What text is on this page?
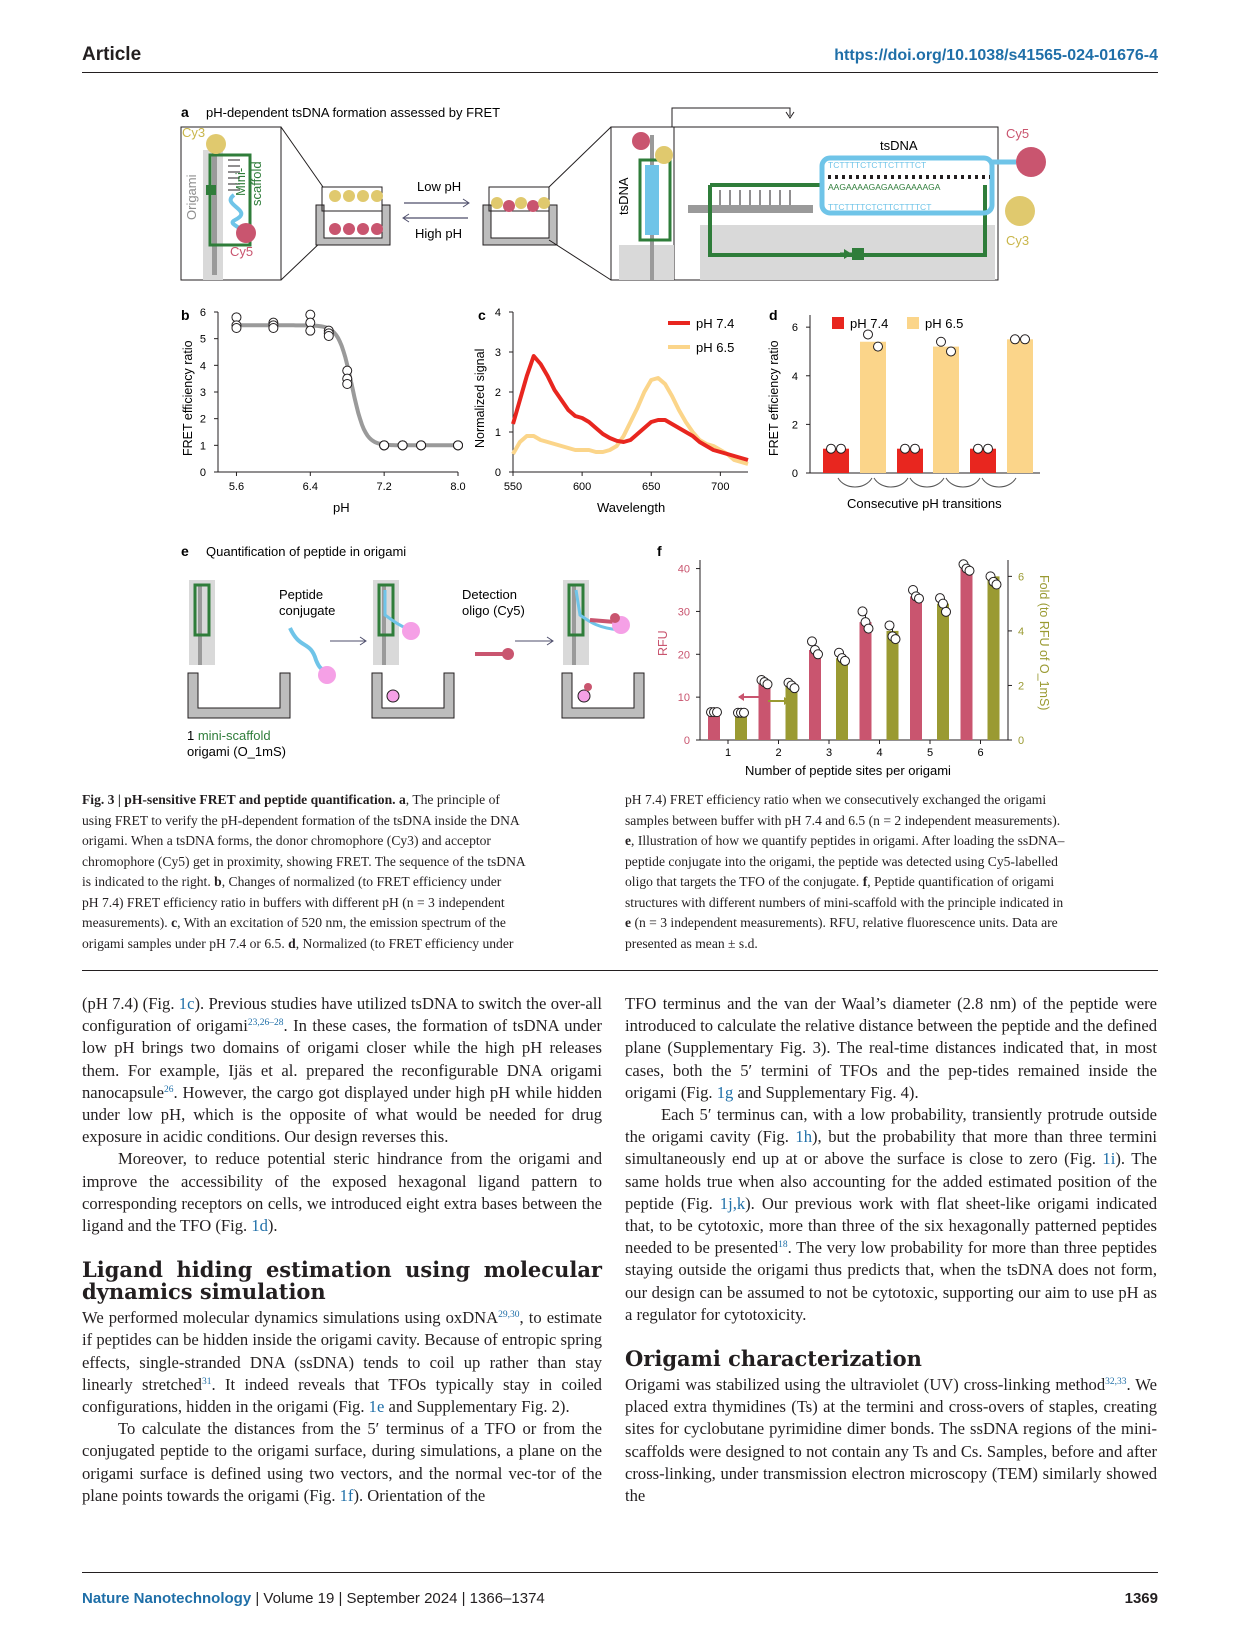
Article	https://doi.org/10.1038/s41565-024-01676-4
a pH-dependent tsDNA formation assessed by FRET
Cy3
Cy5
Origami	Mini- scaffold	Low pH
High pH
tsDNA
tsDNA
TCTTTTCTCTTCTTTTCT
AAGAAAAGAGAAGAAAAGA
TTCTTTTCTCTTCTTTTCT
Cy5
Cy3
b
FRET efficiency ratio
pH
0
1
2
3
4
5
6
5.6	6.4	7.2	8.0
c
Normalized signal
Wavelength
0
1
2
3
4
550	600	650	700
pH 7.4
pH 6.5
d
FRET efficiency ratio
Consecutive pH transitions
0
2
4
6	pH 7.4	pH 6.5
e Quantification of peptide in origami
Peptide
conjugate
Detection
oligo (Cy5)
1 mini-scaffold
origami (O_1mS)
f
RFU	Fold (to RFU of O_1mS)
Number of peptide sites per origami
0
10
20
30
40
0
2
4
6
1	2	3	4	5	6
Fig. 3 | pH-sensitive FRET and peptide quantification. a, The principle of
using FRET to verify the pH-dependent formation of the tsDNA inside the DNA
origami. When a tsDNA forms, the donor chromophore (Cy3) and acceptor
chromophore (Cy5) get in proximity, showing FRET. The sequence of the tsDNA
is indicated to the right. b, Changes of normalized (to FRET efficiency under
pH 7.4) FRET efficiency ratio in buffers with different pH (n = 3 independent
measurements). c, With an excitation of 520 nm, the emission spectrum of the
origami samples under pH 7.4 or 6.5. d, Normalized (to FRET efficiency under
pH 7.4) FRET efficiency ratio when we consecutively exchanged the origami
samples between buffer with pH 7.4 and 6.5 (n = 2 independent measurements).
e, Illustration of how we quantify peptides in origami. After loading the ssDNA–
peptide conjugate into the origami, the peptide was detected using Cy5-labelled
oligo that targets the TFO of the conjugate. f, Peptide quantification of origami
structures with different numbers of mini-scaffold with the principle indicated in
e (n = 3 independent measurements). RFU, relative fluorescence units. Data are
presented as mean ± s.d.

(pH 7.4) (Fig. 1c). Previous studies have utilized tsDNA to switch the over-all configuration of origami$^{23,26-28}$. In these cases, the formation of tsDNA under low pH brings two domains of origami closer while the high pH releases them. For example, Ijäs et al. prepared the reconfigurable DNA origami nanocapsule$^{26}$. However, the cargo got displayed under high pH while hidden under low pH, which is the opposite of what would be needed for drug exposure in acidic conditions. Our design reverses this.

Moreover, to reduce potential steric hindrance from the origami and improve the accessibility of the exposed hexagonal ligand pattern to corresponding receptors on cells, we introduced eight extra bases between the ligand and the TFO (Fig. 1d).

Ligand hiding estimation using molecular dynamics simulation

We performed molecular dynamics simulations using oxDNA$^{29,30}$, to estimate if peptides can be hidden inside the origami cavity. Because of entropic spring effects, single-stranded DNA (ssDNA) tends to coil up rather than stay linearly stretched$^{31}$. It indeed reveals that TFOs typically stay in coiled configurations, hidden in the origami (Fig. 1e and Supplementary Fig. 2).

To calculate the distances from the 5′ terminus of a TFO or from the conjugated peptide to the origami surface, during simulations, a plane on the origami surface is defined using two vectors, and the normal vec-tor of the plane points towards the origami (Fig. 1f). Orientation of the

TFO terminus and the van der Waal’s diameter (2.8 nm) of the peptide were introduced to calculate the relative distance between the peptide and the defined plane (Supplementary Fig. 3). The real-time distances indicated that, in most cases, both the 5′ termini of TFOs and the pep-tides remained inside the origami (Fig. 1g and Supplementary Fig. 4).

Each 5′ terminus can, with a low probability, transiently protrude outside the origami cavity (Fig. 1h), but the probability that more than three termini simultaneously end up at or above the surface is close to zero (Fig. 1i). The same holds true when also accounting for the added estimated position of the peptide (Fig. 1j,k). Our previous work with flat sheet-like origami indicated that, to be cytotoxic, more than three of the six hexagonally patterned peptides needed to be presented$^{18}$. The very low probability for more than three peptides staying outside the origami thus predicts that, when the tsDNA does not form, our design can be assumed to not be cytotoxic, supporting our aim to use pH as a regulator for cytotoxicity.

Origami characterization

Origami was stabilized using the ultraviolet (UV) cross-linking method$^{32,33}$. We placed extra thymidines (Ts) at the termini and cross-overs of staples, creating sites for cyclobutane pyrimidine dimer bonds. The ssDNA regions of the mini-scaffolds were designed to not contain any Ts and Cs. Samples, before and after cross-linking, under transmission electron microscopy (TEM) similarly showed the

Nature Nanotechnology | Volume 19 | September 2024 | 1366–1374	1369
